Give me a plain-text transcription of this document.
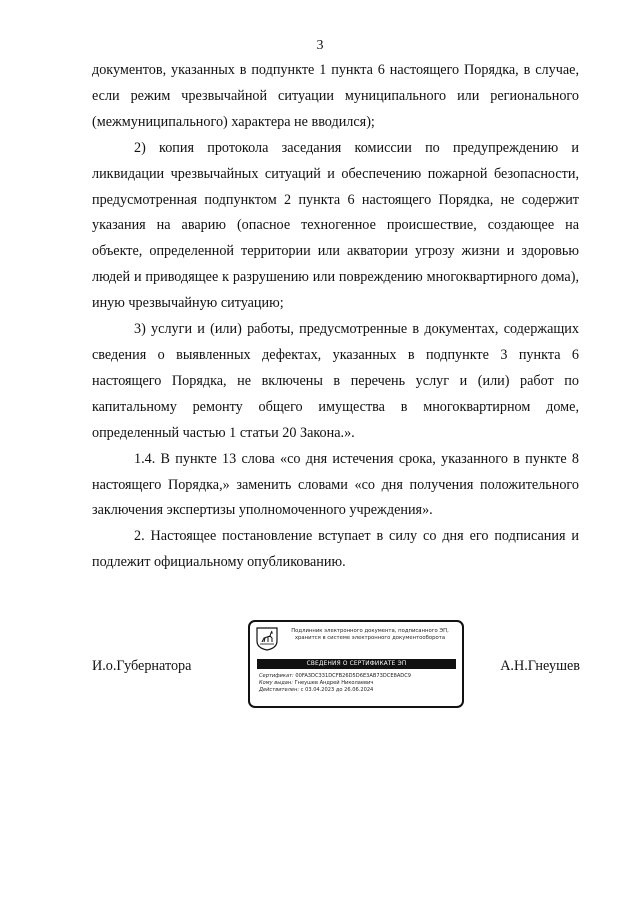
3

документов, указанных в подпункте 1 пункта 6 настоящего Порядка, в случае, если режим чрезвычайной ситуации муниципального или регионального (межмуниципального) характера не вводился);

2) копия протокола заседания комиссии по предупреждению и ликвидации чрезвычайных ситуаций и обеспечению пожарной безопасности, предусмотренная подпунктом 2 пункта 6 настоящего Порядка, не содержит указания на аварию (опасное техногенное происшествие, создающее на объекте, определенной территории или акватории угрозу жизни и здоровью людей и приводящее к разрушению или повреждению многоквартирного дома), иную чрезвычайную ситуацию;

3) услуги и (или) работы, предусмотренные в документах, содержащих сведения о выявленных дефектах, указанных в подпункте 3 пункта 6 настоящего Порядка, не включены в перечень услуг и (или) работ по капитальному ремонту общего имущества в многоквартирном доме, определенный частью 1 статьи 20 Закона.».

1.4. В пункте 13 слова «со дня истечения срока, указанного в пункте 8 настоящего Порядка,» заменить словами «со дня получения положительного заключения экспертизы уполномоченного учреждения».

2. Настоящее постановление вступает в силу со дня его подписания и подлежит официальному опубликованию.

И.о.Губернатора
Подлинник электронного документа, подписанного ЭП,
хранится в системе электронного документооборота
СВЕДЕНИЯ О СЕРТИФИКАТЕ ЭП
Сертификат: 00FA3DC331DCFB26D5D6E3AB73DCE8ADC9
Кому выдан: Гнеушев Андрей Николаевич
Действителен: с 03.04.2023 до 26.06.2024
А.Н.Гнеушев
